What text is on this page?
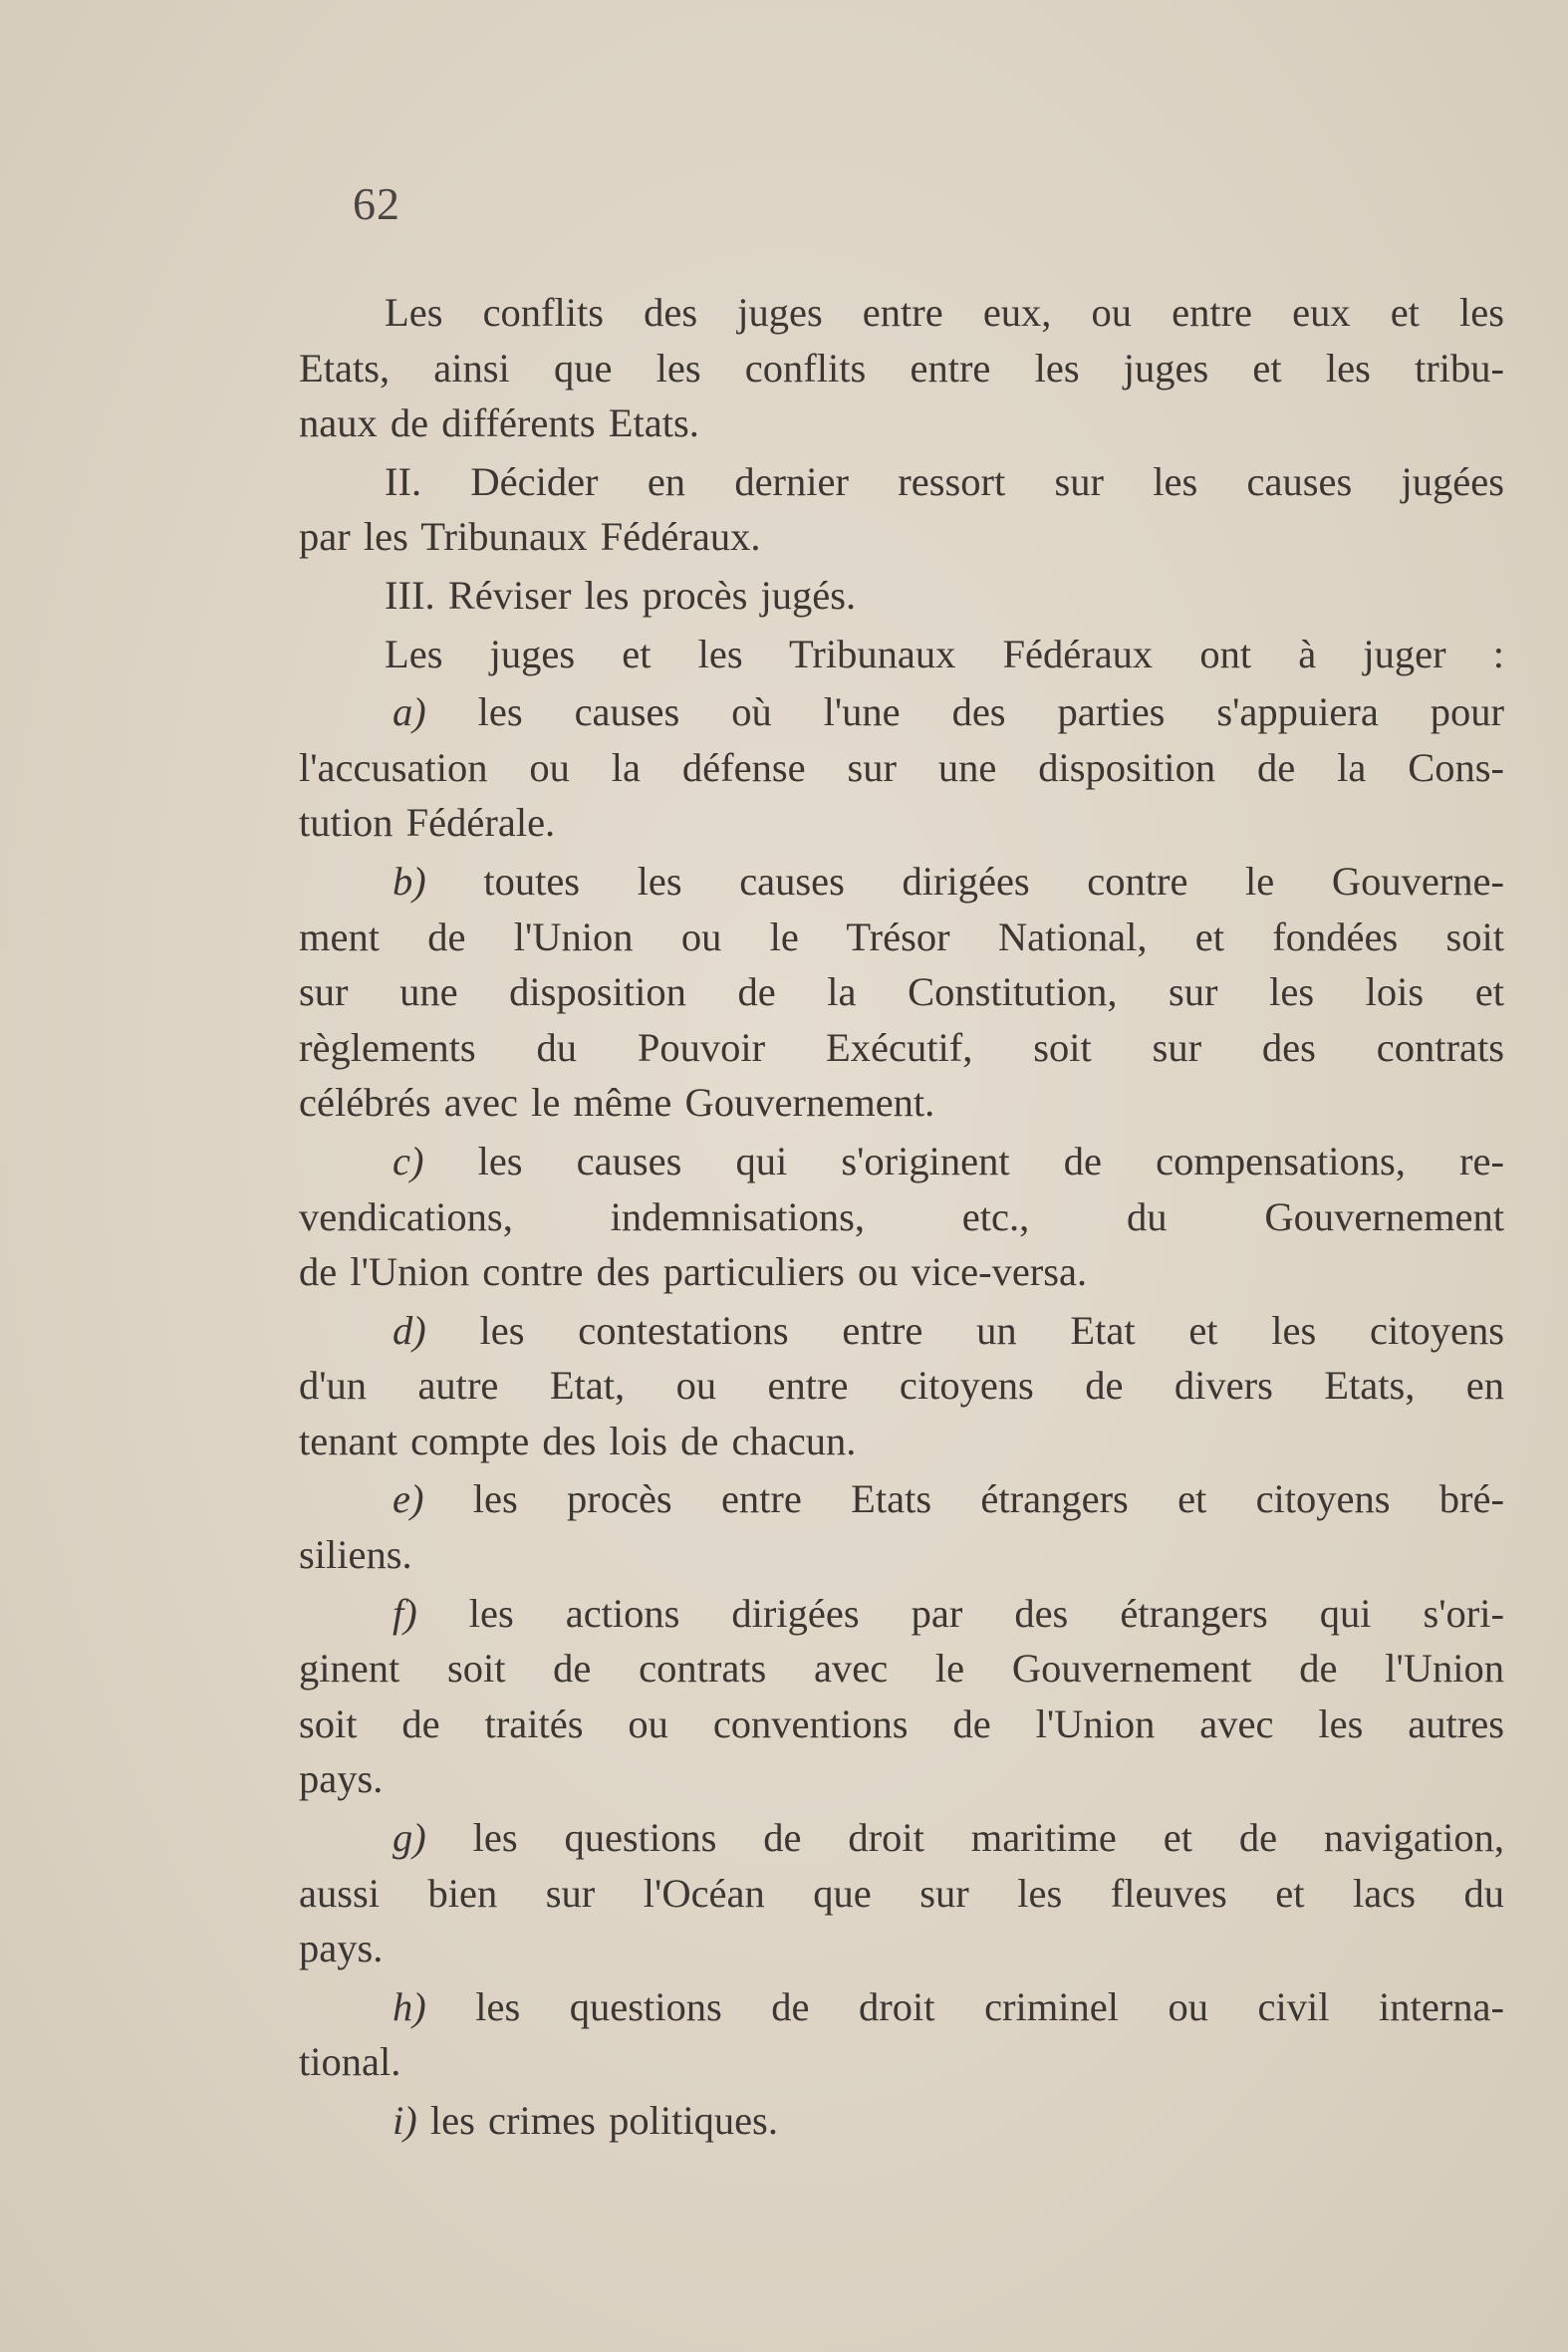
62
Les conflits des juges entre eux, ou entre eux et les
Etats, ainsi que les conflits entre les juges et les tribu-
naux de différents Etats.
II. Décider en dernier ressort sur les causes jugées
par les Tribunaux Fédéraux.
III. Réviser les procès jugés.
Les juges et les Tribunaux Fédéraux ont à juger :
a) les causes où l'une des parties s'appuiera pour
l'accusation ou la défense sur une disposition de la Cons-
tution Fédérale.
b) toutes les causes dirigées contre le Gouverne-
ment de l'Union ou le Trésor National, et fondées soit
sur une disposition de la Constitution, sur les lois et
règlements du Pouvoir Exécutif, soit sur des contrats
célébrés avec le même Gouvernement.
c) les causes qui s'originent de compensations, re-
vendications, indemnisations, etc., du Gouvernement
de l'Union contre des particuliers ou vice-versa.
d) les contestations entre un Etat et les citoyens
d'un autre Etat, ou entre citoyens de divers Etats, en
tenant compte des lois de chacun.
e) les procès entre Etats étrangers et citoyens bré-
siliens.
f) les actions dirigées par des étrangers qui s'ori-
ginent soit de contrats avec le Gouvernement de l'Union
soit de traités ou conventions de l'Union avec les autres
pays.
g) les questions de droit maritime et de navigation,
aussi bien sur l'Océan que sur les fleuves et lacs du
pays.
h) les questions de droit criminel ou civil interna-
tional.
i) les crimes politiques.
